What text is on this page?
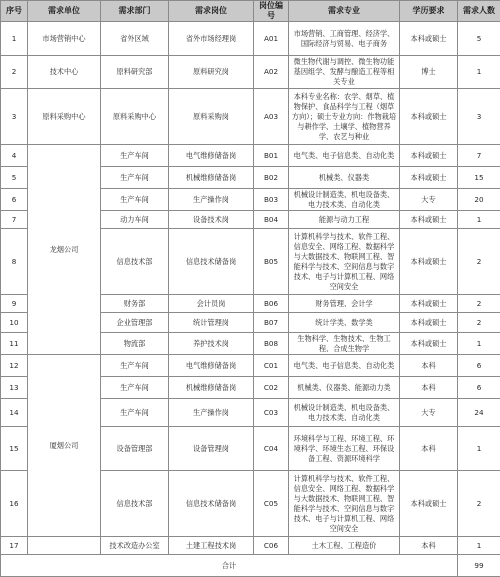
序号	需求单位	需求部门	需求岗位	岗位编号	需求专业	学历要求	需求人数
1	市场营销中心	省外区域	省外市场经理岗	A01	市场营销、工商管理、经济学、国际经济与贸易、电子商务	本科或硕士	5
2	技术中心	原料研究部	原料研究岗	A02	微生物代谢与调控、微生物功能基因组学、发酵与酿造工程等相关专业	博士	1
3	原料采购中心	原料采购中心	原料采购岗	A03	本科专业名称：农学、烟草、植物保护、食品科学与工程（烟草方向）；硕士专业方向：作物栽培与耕作学、土壤学、植物营养学、农艺与种业	本科或硕士	3
4	龙烟公司	生产车间	电气维修储备岗	B01	电气类、电子信息类、自动化类	本科或硕士	7
5		生产车间	机械维修储备岗	B02	机械类、仪器类	本科或硕士	15
6		生产车间	生产操作岗	B03	机械设计制造类、机电设备类、电力技术类、自动化类	大专	20
7		动力车间	设备技术岗	B04	能源与动力工程	本科或硕士	1
8		信息技术部	信息技术储备岗	B05	计算机科学与技术、软件工程、信息安全、网络工程、数据科学与大数据技术、物联网工程、智能科学与技术、空间信息与数字技术、电子与计算机工程、网络空间安全	本科或硕士	2
9		财务部	会计员岗	B06	财务管理、会计学	本科或硕士	2
10		企业管理部	统计管理岗	B07	统计学类、数学类	本科或硕士	2
11		物流部	养护技术岗	B08	生物科学、生物技术、生物工程、合成生物学	本科或硕士	1
12	厦烟公司	生产车间	电气维修储备岗	C01	电气类、电子信息类、自动化类	本科	6
13		生产车间	机械维修储备岗	C02	机械类、仪器类、能源动力类	本科	6
14		生产车间	生产操作岗	C03	机械设计制造类、机电设备类、电力技术类、自动化类	大专	24
15		设备管理部	设备管理岗	C04	环境科学与工程、环境工程、环境科学、环境生态工程、环保设备工程、资源环境科学	本科	1
16		信息技术部	信息技术储备岗	C05	计算机科学与技术、软件工程、信息安全、网络工程、数据科学与大数据技术、物联网工程、智能科学与技术、空间信息与数字技术、电子与计算机工程、网络空间安全	本科或硕士	2
17		技术改造办公室	土建工程技术岗	C06	土木工程、工程造价	本科	1
合计							99
